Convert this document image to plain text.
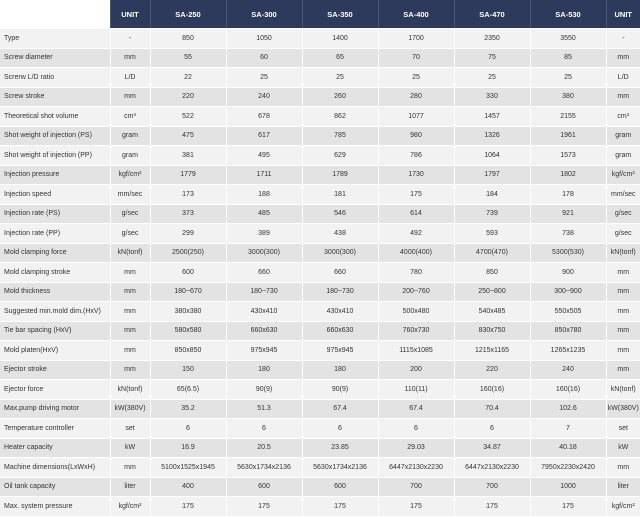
	UNIT	SA-250	SA-300	SA-350	SA-400	SA-470	SA-530	UNIT
Type	-	850	1050	1400	1700	2350	3550	-
Screw diameter	mm	55	60	65	70	75	85	mm
Screrw L/D ratio	L/D	22	25	25	25	25	25	L/D
Screw stroke	mm	220	240	260	280	330	380	mm
Theoretical shot volume	cm³	522	678	862	1077	1457	2155	cm³
Shot weight of injection (PS)	gram	475	617	785	980	1326	1961	gram
Shot weight of injection (PP)	gram	381	495	629	786	1064	1573	gram
Injection pressure	kgf/cm²	1779	1711	1789	1730	1797	1802	kgf/cm²
Injection speed	mm/sec	173	188	181	175	184	178	mm/sec
Injection rate (PS)	g/sec	373	485	546	614	739	921	g/sec
Injection rate (PP)	g/sec	299	389	438	492	593	738	g/sec
Mold clamping force	kN(tonf)	2500(250)	3000(300)	3000(300)	4000(400)	4700(470)	5300(530)	kN(tonf)
Mold clamping stroke	mm	600	660	660	780	850	900	mm
Mold thickness	mm	180~670	180~730	180~730	200~760	250~800	300~900	mm
Suggested min.mold dim.(HxV)	mm	380x380	430x410	430x410	500x480	540x485	550x505	mm
Tie bar spacing (HxV)	mm	580x580	660x630	660x630	760x730	830x750	850x780	mm
Mold platen(HxV)	mm	850x850	975x945	975x945	1115x1085	1215x1165	1265x1235	mm
Ejector stroke	mm	150	180	180	200	220	240	mm
Ejector force	kN(tonf)	65(6.5)	90(9)	90(9)	110(11)	160(16)	160(16)	kN(tonf)
Max.pump driving motor	kW(380V)	35.2	51.3	67.4	67.4	70.4	102.6	kW(380V)
Temperature controller	set	6	6	6	6	6	7	set
Heater capacity	kW	16.9	20.5	23.85	29.03	34.87	40.18	kW
Machine dimensions(LxWxH)	mm	5100x1525x1945	5630x1734x2136	5630x1734x2136	6447x2130x2230	6447x2130x2230	7950x2230x2420	mm
Oil tank capacity	liter	400	600	600	700	700	1000	liter
Max. system pressure	kgf/cm²	175	175	175	175	175	175	kgf/cm²
